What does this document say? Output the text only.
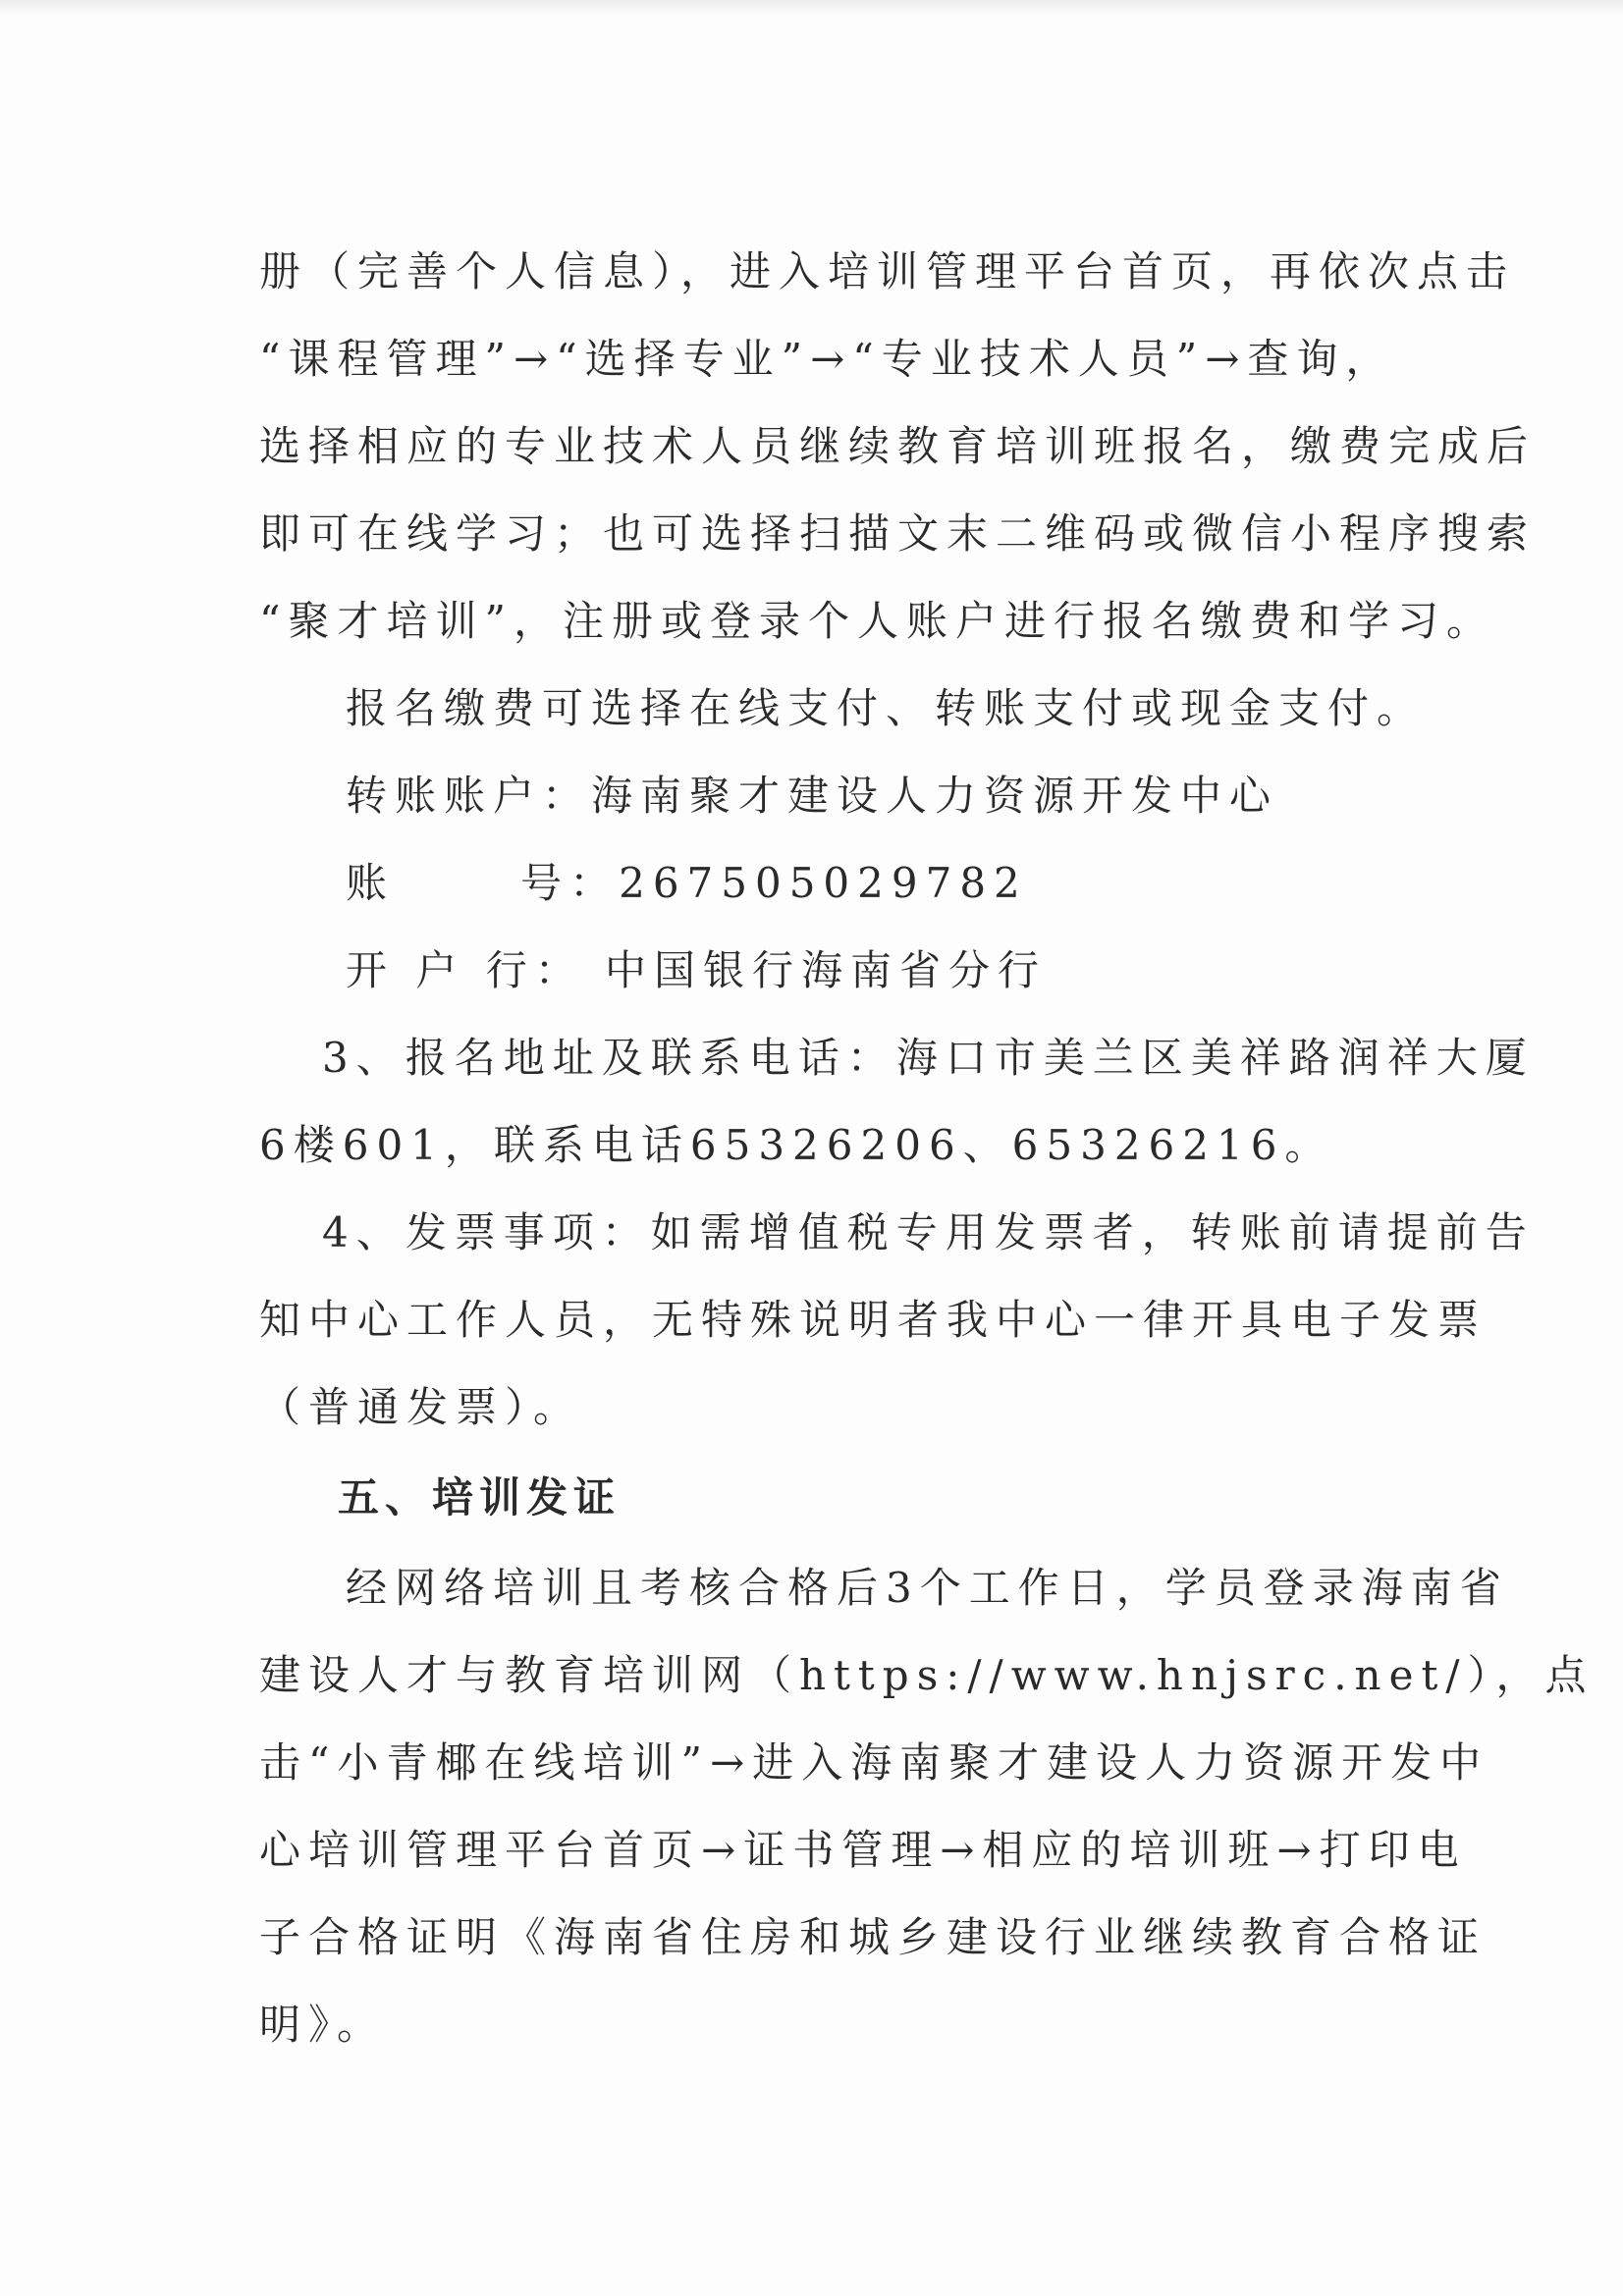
册（完善个人信息），进入培训管理平台首页，再依次点击
“课程管理”→“选择专业”→“专业技术人员”→查询，
选择相应的专业技术人员继续教育培训班报名，缴费完成后
即可在线学习；也可选择扫描文末二维码或微信小程序搜索
“聚才培训”，注册或登录个人账户进行报名缴费和学习。
报名缴费可选择在线支付、转账支付或现金支付。
转账账户：海南聚才建设人力资源开发中心
账      号：267505029782
开 户 行： 中国银行海南省分行
3、报名地址及联系电话：海口市美兰区美祥路润祥大厦
6楼601，联系电话65326206、65326216。
4、发票事项：如需增值税专用发票者，转账前请提前告
知中心工作人员，无特殊说明者我中心一律开具电子发票
（普通发票）。
五、培训发证
经网络培训且考核合格后3个工作日，学员登录海南省
建设人才与教育培训网（https://www.hnjsrc.net/），点
击“小青椰在线培训”→进入海南聚才建设人力资源开发中
心培训管理平台首页→证书管理→相应的培训班→打印电
子合格证明《海南省住房和城乡建设行业继续教育合格证
明》。
